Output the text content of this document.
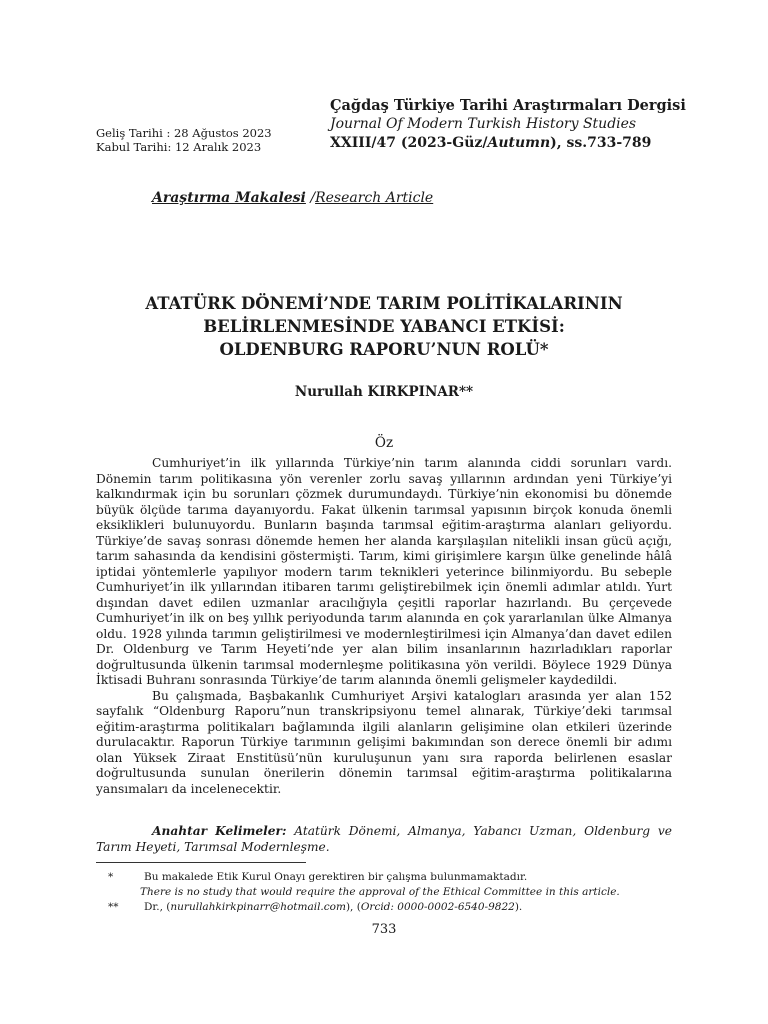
Geliş Tarihi : 28 Ağustos 2023
Kabul Tarihi: 12 Aralık 2023
Çağdaş Türkiye Tarihi Araştırmaları Dergisi
Journal Of Modern Turkish History Studies
XXIII/47 (2023-Güz/Autumn), ss.733-789
Araştırma Makalesi /Research Article
ATATÜRK DÖNEMİ’NDE TARIM POLİTİKALARININ
BELİRLENMESİNDE YABANCI ETKİSİ:
OLDENBURG RAPORU’NUN ROLÜ*
Nurullah KIRKPINAR**
Öz

Cumhuriyet’in ilk yıllarında Türkiye’nin tarım alanında ciddi sorunları vardı. Dönemin tarım politikasına yön verenler zorlu savaş yıllarının ardından yeni Türkiye’yi kalkındırmak için bu sorunları çözmek durumundaydı. Türkiye’nin ekonomisi bu dönemde büyük ölçüde tarıma dayanıyordu. Fakat ülkenin tarımsal yapısının birçok konuda önemli eksiklikleri bulunuyordu. Bunların başında tarımsal eğitim-araştırma alanları geliyordu. Türkiye’de savaş sonrası dönemde hemen her alanda karşılaşılan nitelikli insan gücü açığı, tarım sahasında da kendisini göstermişti. Tarım, kimi girişimlere karşın ülke genelinde hâlâ iptidai yöntemlerle yapılıyor modern tarım teknikleri yeterince bilinmiyordu. Bu sebeple Cumhuriyet’in ilk yıllarından itibaren tarımı geliştirebilmek için önemli adımlar atıldı. Yurt dışından davet edilen uzmanlar aracılığıyla çeşitli raporlar hazırlandı. Bu çerçevede Cumhuriyet’in ilk on beş yıllık periyodunda tarım alanında en çok yararlanılan ülke Almanya oldu. 1928 yılında tarımın geliştirilmesi ve modernleştirilmesi için Almanya’dan davet edilen Dr. Oldenburg ve Tarım Heyeti’nde yer alan bilim insanlarının hazırladıkları raporlar doğrultusunda ülkenin tarımsal modernleşme politikasına yön verildi. Böylece 1929 Dünya İktisadi Buhranı sonrasında Türkiye’de tarım alanında önemli gelişmeler kaydedildi.

Bu çalışmada, Başbakanlık Cumhuriyet Arşivi katalogları arasında yer alan 152 sayfalık “Oldenburg Raporu”nun transkripsiyonu temel alınarak, Türkiye’deki tarımsal eğitim-araştırma politikaları bağlamında ilgili alanların gelişimine olan etkileri üzerinde durulacaktır. Raporun Türkiye tarımının gelişimi bakımından son derece önemli bir adımı olan Yüksek Ziraat Enstitüsü’nün kuruluşunun yanı sıra raporda belirlenen esaslar doğrultusunda sunulan önerilerin dönemin tarımsal eğitim-araştırma politikalarına yansımaları da incelenecektir.

Anahtar Kelimeler: Atatürk Dönemi, Almanya, Yabancı Uzman, Oldenburg ve Tarım Heyeti, Tarımsal Modernleşme.
*	Bu makalede Etik Kurul Onayı gerektiren bir çalışma bulunmamaktadır.
There is no study that would require the approval of the Ethical Committee in this article.
** Dr., (nurullahkirkpinarr@hotmail.com), (Orcid: 0000-0002-6540-9822).
733
